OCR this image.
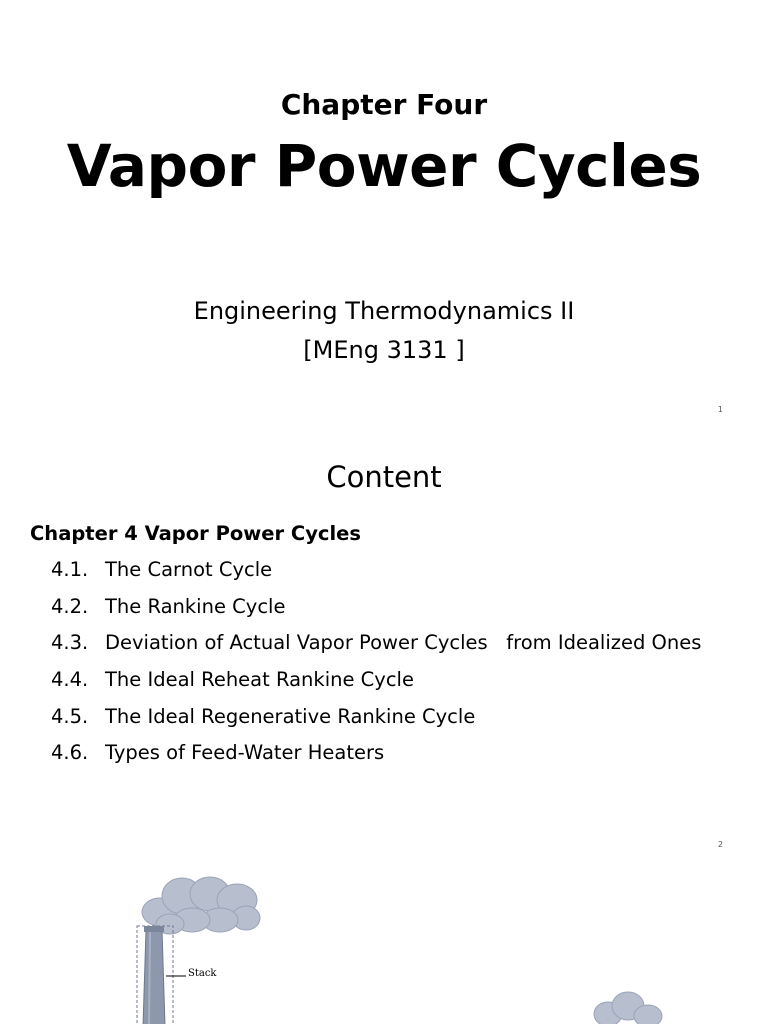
Chapter Four
Vapor Power Cycles
Engineering Thermodynamics II
[MEng 3131 ]
1
Content
Chapter 4 Vapor Power Cycles
4.1. The Carnot Cycle
4.2. The Rankine Cycle
4.3. Deviation of Actual Vapor Power Cycles   from Idealized Ones
4.4. The Ideal Reheat Rankine Cycle
4.5. The Ideal Regenerative Rankine Cycle
4.6. Types of Feed-Water Heaters
2
Stack
